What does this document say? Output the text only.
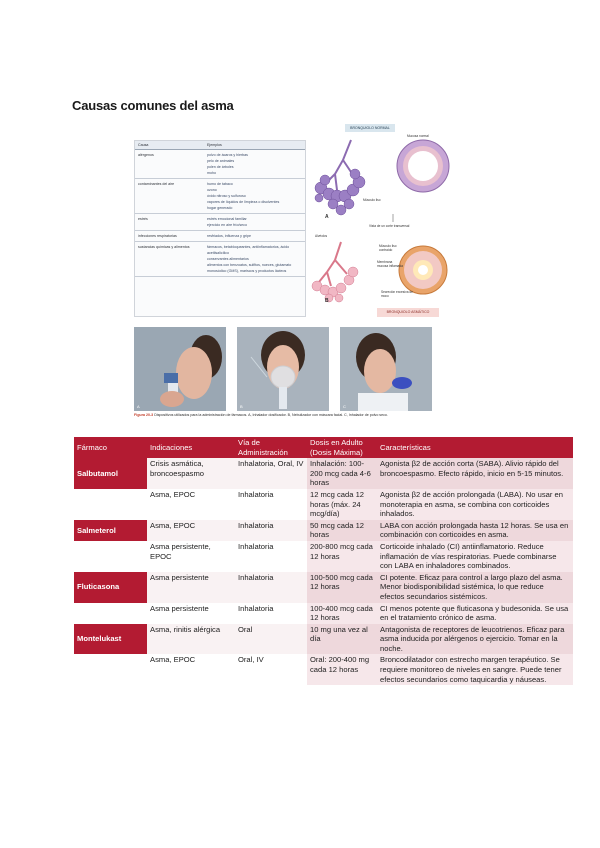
Causas comunes del asma
Causa	Ejemplos
alérgenos	polvo de ácaros y hierbas
pelo de animales
polen de árboles
moho
contaminantes del aire	humo de tabaco
ozono
óxido nitroso y sulfuroso
vapores de líquidos de limpieza o disolventes
hogar generado
estrés	estrés emocional familiar
ejercicio en aire frío/seco
infecciones respiratorias	resfriados, influenza y gripe
sustancias químicas y alimentos	fármacos, betabloqueantes, antiinflamatorios, ácido acetilsalicílico
conservantes alimentarios
alimentos con benzoatos, sulfitos, nueces, glutamato monosódico (GMS), mariscos y productos lácteos
BRONQUIOLO NORMAL
Mucosa normal
Músculo liso
Vista de un corte transversal
Alvéolos
Músculo liso contraído
Membrana mucosa inflamada
Secreción excesiva de moco
A
B
BRONQUIOLO ASMÁTICO
A	B	C
Figura 20-3 Dispositivos utilizados para la administración de fármacos. A, Inhalador dosificador. B, Nebulizador con máscara facial. C, Inhalador de polvo seco.
Fármaco	Indicaciones	Vía de Administración	Dosis en Adulto (Dosis Máxima)	Características
Salbutamol	Crisis asmática, broncoespasmo	Inhalatoria, Oral, IV	Inhalación: 100-200 mcg cada 4-6 horas	Agonista β2 de acción corta (SABA). Alivio rápido del broncoespasmo. Efecto rápido, inicio en 5-15 minutos.
Formoterol	Asma, EPOC	Inhalatoria	12 mcg cada 12 horas (máx. 24 mcg/día)	Agonista β2 de acción prolongada (LABA). No usar en monoterapia en asma, se combina con corticoides inhalados.
Salmeterol	Asma, EPOC	Inhalatoria	50 mcg cada 12 horas	LABA con acción prolongada hasta 12 horas. Se usa en combinación con corticoides en asma.
Budesonida	Asma persistente, EPOC	Inhalatoria	200-800 mcg cada 12 horas	Corticoide inhalado (CI) antiinflamatorio. Reduce inflamación de vías respiratorias. Puede combinarse con LABA en inhaladores combinados.
Fluticasona	Asma persistente	Inhalatoria	100-500 mcg cada 12 horas	CI potente. Eficaz para control a largo plazo del asma. Menor biodisponibilidad sistémica, lo que reduce efectos secundarios sistémicos.
Beclometasona	Asma persistente	Inhalatoria	100-400 mcg cada 12 horas	CI menos potente que fluticasona y budesonida. Se usa en el tratamiento crónico de asma.
Montelukast	Asma, rinitis alérgica	Oral	10 mg una vez al día	Antagonista de receptores de leucotrienos. Eficaz para asma inducida por alérgenos o ejercicio. Tomar en la noche.
Teofilina	Asma, EPOC	Oral, IV	Oral: 200-400 mg cada 12 horas	Broncodilatador con estrecho margen terapéutico. Se requiere monitoreo de niveles en sangre. Puede tener efectos secundarios como taquicardia y náuseas.
